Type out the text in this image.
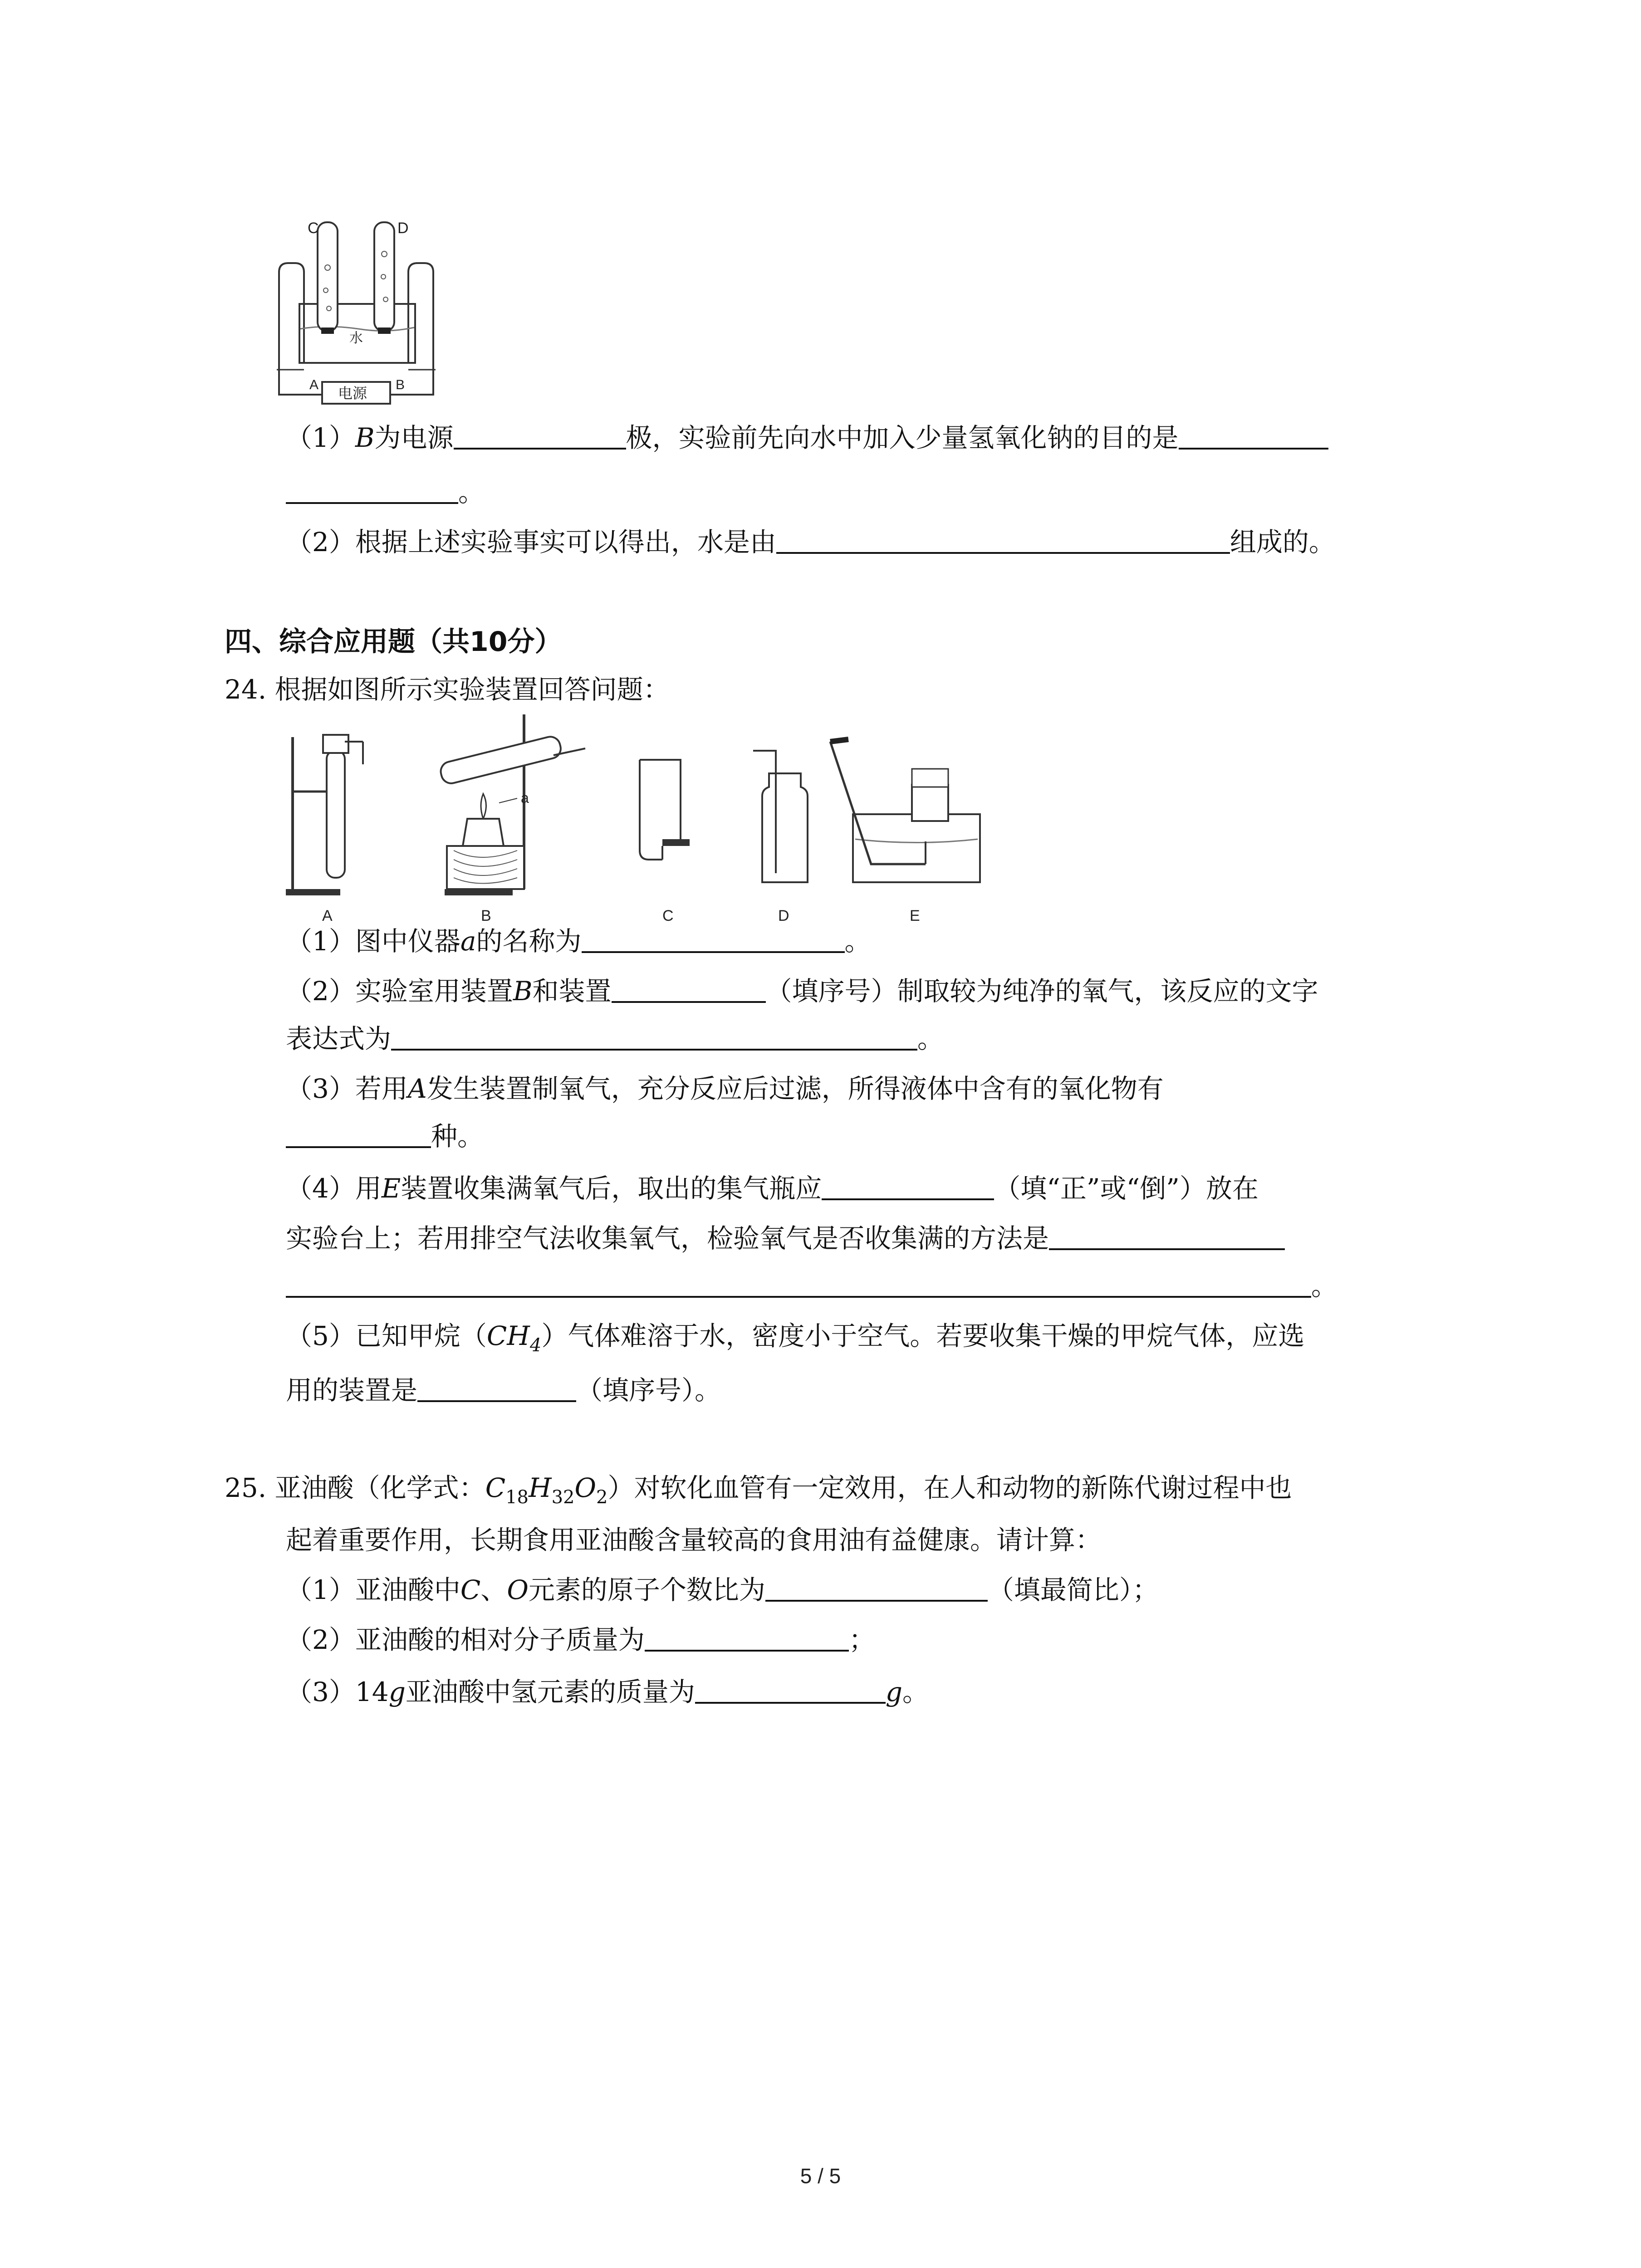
C	D
A	B
水
电源
（1）B为电源	极，实验前先向水中加入少量氢氧化钠的目的是
。
（2）根据上述实验事实可以得出，水是由	组成的。
四、综合应用题（共10分）
24. 根据如图所示实验装置回答问题：
A
a
B	C	D	E
（1）图中仪器a的名称为	。
（2）实验室用装置B和装置	（填序号）制取较为纯净的氧气，该反应的文字
表达式为	。
（3）若用A发生装置制氧气，充分反应后过滤，所得液体中含有的氧化物有
种。
（4）用E装置收集满氧气后，取出的集气瓶应	（填“正”或“倒”）放在
实验台上；若用排空气法收集氧气，检验氧气是否收集满的方法是
。
（5）已知甲烷$(CH_4)$气体难溶于水，密度小于空气。若要收集干燥的甲烷气体，应选
用的装置是	（填序号）。
25. 亚油酸（化学式：$C_{18}H_{32}O_2$）对软化血管有一定效用，在人和动物的新陈代谢过程中也
起着重要作用，长期食用亚油酸含量较高的食用油有益健康。请计算：
（1）亚油酸中C、O元素的原子个数比为	（填最简比）；
（2）亚油酸的相对分子质量为	；
（3）14g亚油酸中氢元素的质量为	g。
5 / 5
